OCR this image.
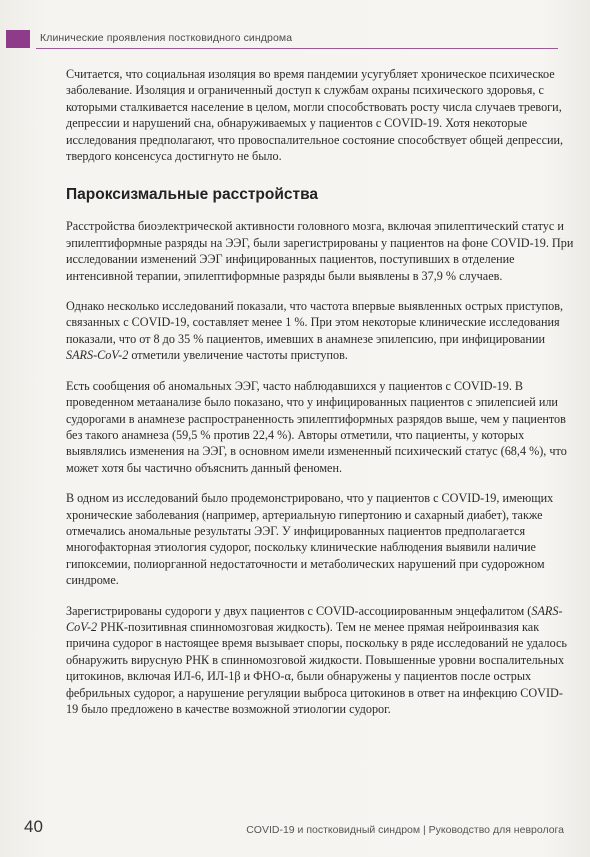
Клинические проявления постковидного синдрома

Считается, что социальная изоляция во время пандемии усугубляет хроническое психическое заболевание. Изоляция и ограниченный доступ к службам охраны психического здоровья, с которыми сталкивается население в целом, могли способствовать росту числа случаев тревоги, депрессии и нарушений сна, обнаруживаемых у пациентов с COVID-19. Хотя некоторые исследования предполагают, что провоспалительное состояние способствует общей депрессии, твердого консенсуса достигнуто не было.

Пароксизмальные расстройства

Расстройства биоэлектрической активности головного мозга, включая эпилептический статус и эпилептиформные разряды на ЭЭГ, были зарегистрированы у пациентов на фоне COVID-19. При исследовании изменений ЭЭГ инфицированных пациентов, поступивших в отделение интенсивной терапии, эпилептиформные разряды были выявлены в 37,9 % случаев.

Однако несколько исследований показали, что частота впервые выявленных острых приступов, связанных с COVID-19, составляет менее 1 %. При этом некоторые клинические исследования показали, что от 8 до 35 % пациентов, имевших в анамнезе эпилепсию, при инфицировании SARS-CoV-2 отметили увеличение частоты приступов.

Есть сообщения об аномальных ЭЭГ, часто наблюдавшихся у пациентов с COVID-19. В проведенном метаанализе было показано, что у инфицированных пациентов с эпилепсией или судорогами в анамнезе распространенность эпилептиформных разрядов выше, чем у пациентов без такого анамнеза (59,5 % против 22,4 %). Авторы отметили, что пациенты, у которых выявлялись изменения на ЭЭГ, в основном имели измененный психический статус (68,4 %), что может хотя бы частично объяснить данный феномен.

В одном из исследований было продемонстрировано, что у пациентов с COVID-19, имеющих хронические заболевания (например, артериальную гипертонию и сахарный диабет), также отмечались аномальные результаты ЭЭГ. У инфицированных пациентов предполагается многофакторная этиология судорог, поскольку клинические наблюдения выявили наличие гипоксемии, полиорганной недостаточности и метаболических нарушений при судорожном синдроме.

Зарегистрированы судороги у двух пациентов с COVID-ассоциированным энцефалитом (SARS-CoV-2 РНК-позитивная спинномозговая жидкость). Тем не менее прямая нейроинвазия как причина судорог в настоящее время вызывает споры, поскольку в ряде исследований не удалось обнаружить вирусную РНК в спинномозговой жидкости. Повышенные уровни воспалительных цитокинов, включая ИЛ-6, ИЛ-1β и ФНО-α, были обнаружены у пациентов после острых фебрильных судорог, а нарушение регуляции выброса цитокинов в ответ на инфекцию COVID-19 было предложено в качестве возможной этиологии судорог.

40	COVID-19 и постковидный синдром | Руководство для невролога
